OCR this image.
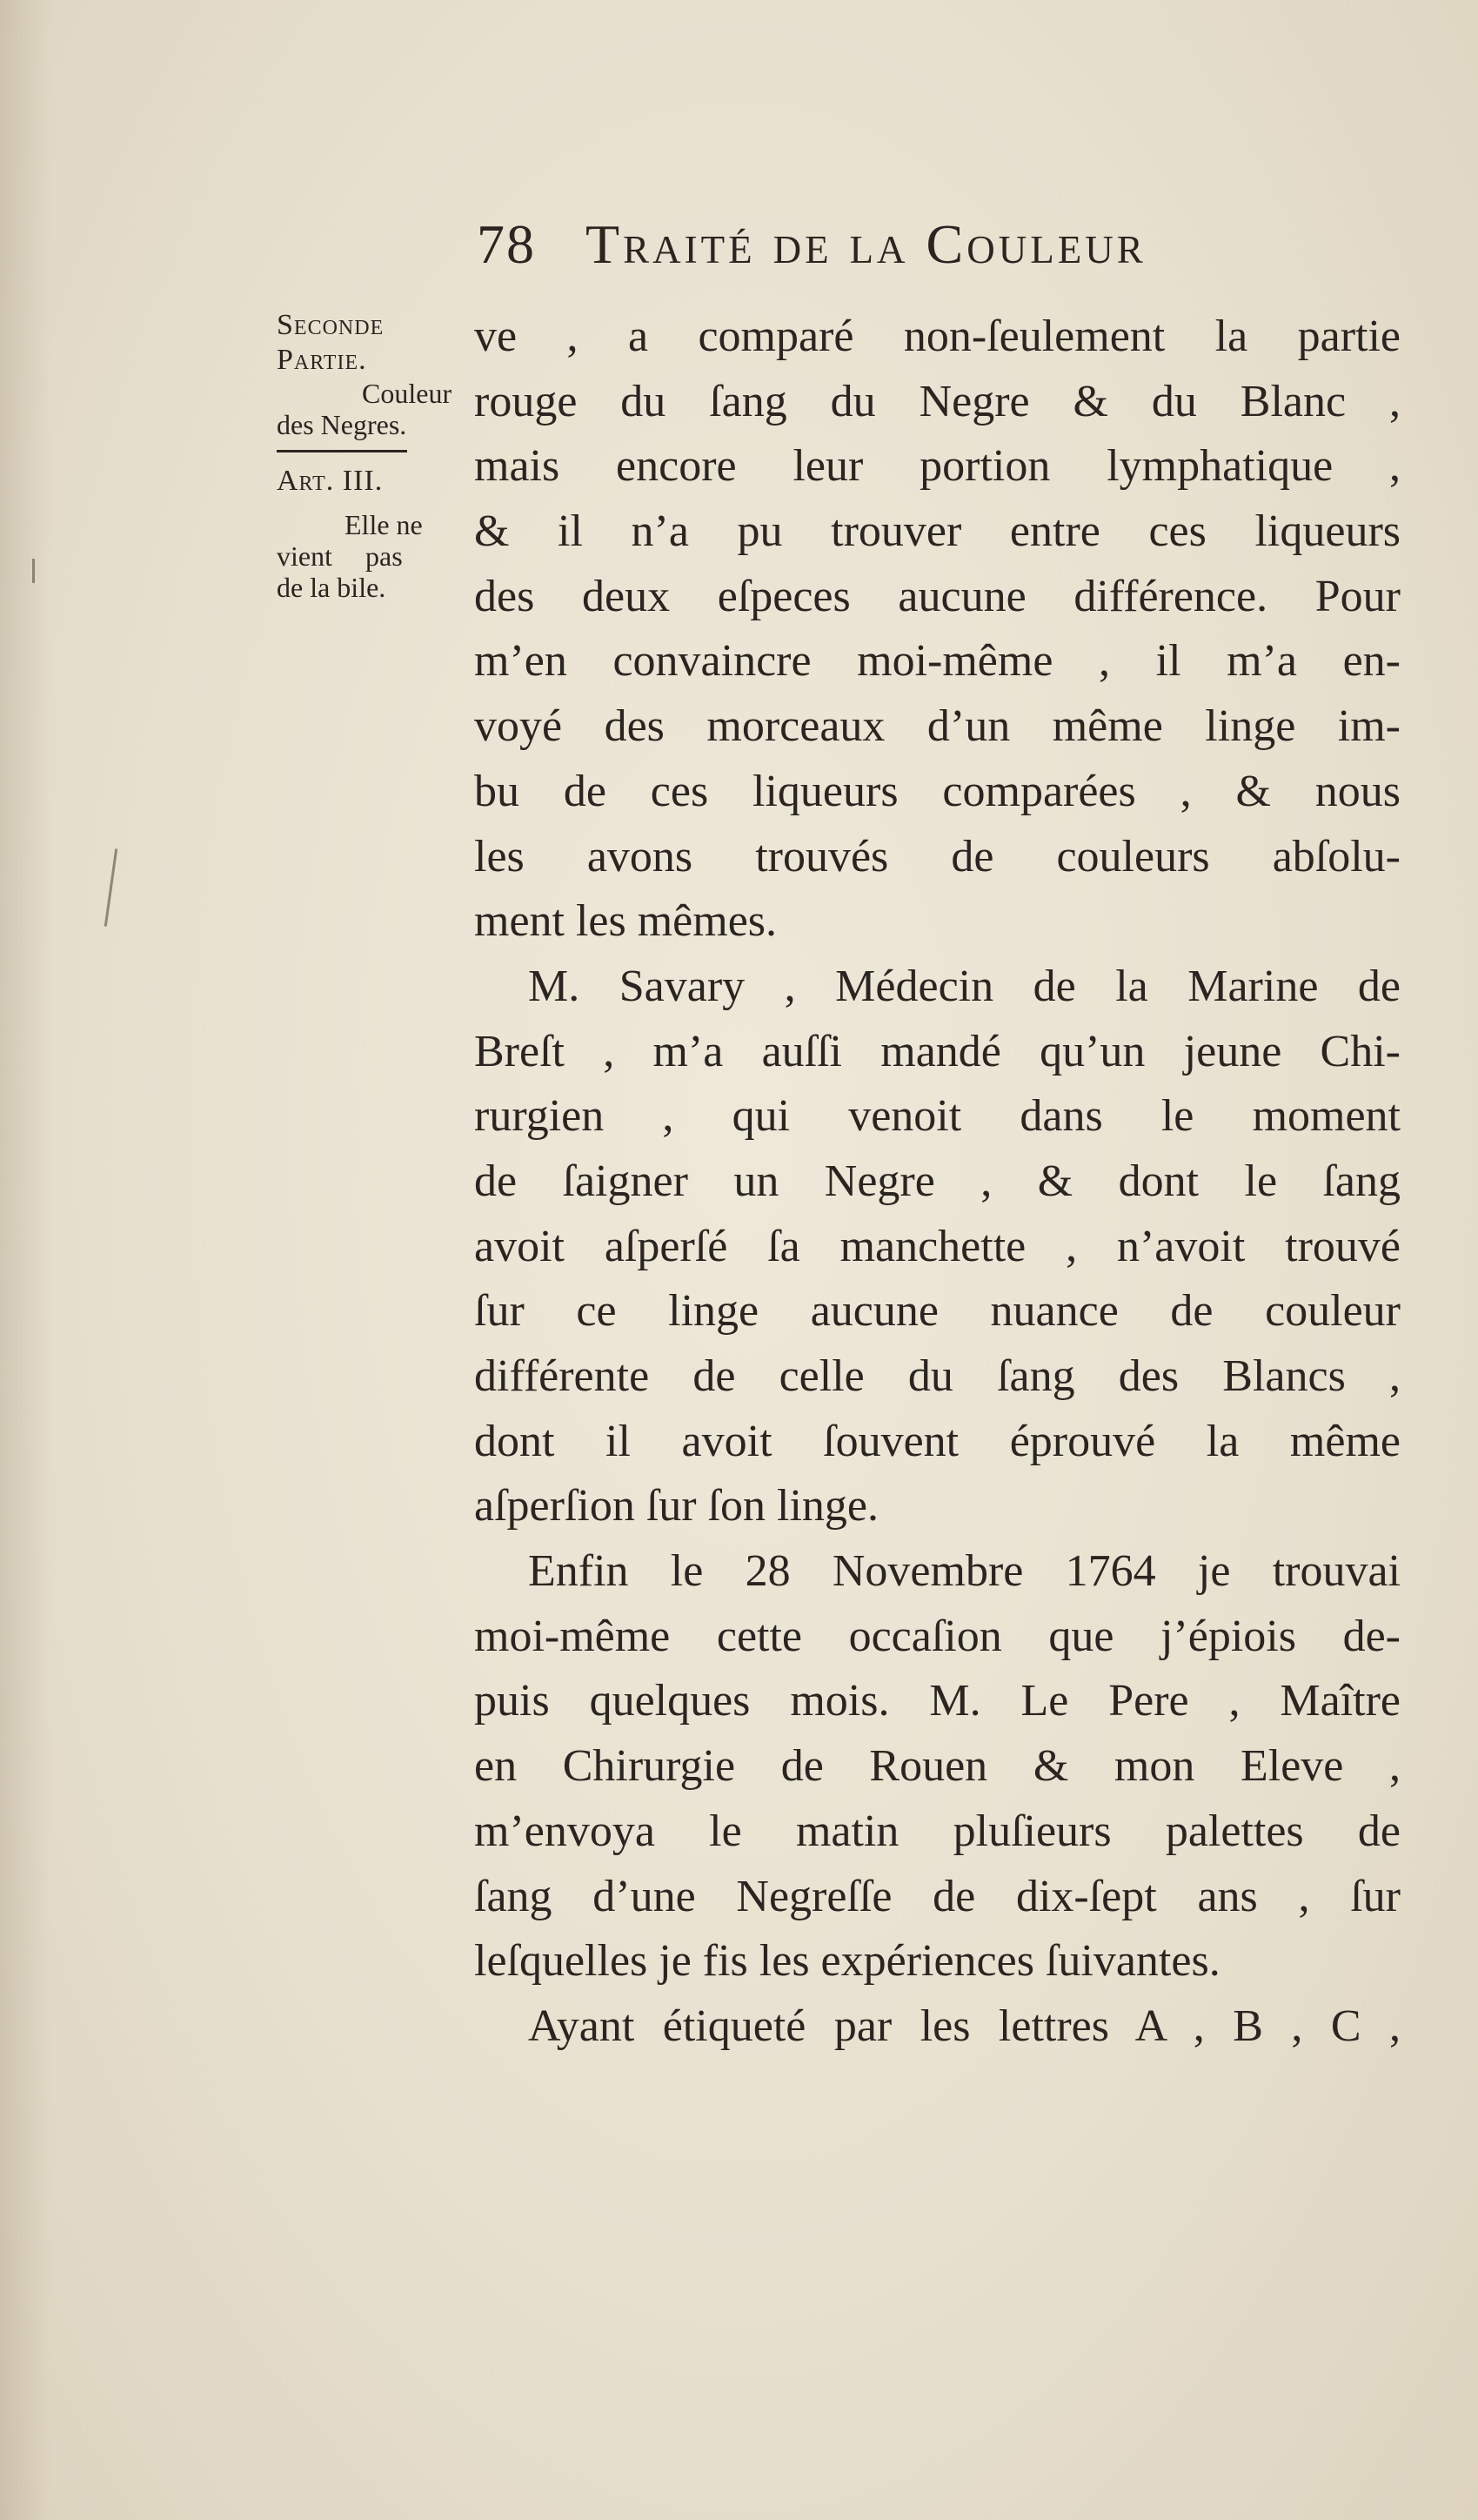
78 Traité de la Couleur
Seconde
Partie.
Couleur
des Negres.
Art. III.
Elle ne
vient pas
de la bile.
ve , a comparé non-ſeulement la partie
rouge du ſang du Negre & du Blanc ,
mais encore leur portion lymphatique ,
& il n’a pu trouver entre ces liqueurs
des deux eſpeces aucune différence. Pour
m’en convaincre moi-même , il m’a en-
voyé des morceaux d’un même linge im-
bu de ces liqueurs comparées , & nous
les avons trouvés de couleurs abſolu-
ment les mêmes.
M. Savary , Médecin de la Marine de
Breſt , m’a auſſi mandé qu’un jeune Chi-
rurgien , qui venoit dans le moment
de ſaigner un Negre , & dont le ſang
avoit aſperſé ſa manchette , n’avoit trouvé
ſur ce linge aucune nuance de couleur
différente de celle du ſang des Blancs ,
dont il avoit ſouvent éprouvé la même
aſperſion ſur ſon linge.
Enfin le 28 Novembre 1764 je trouvai
moi-même cette occaſion que j’épiois de-
puis quelques mois. M. Le Pere , Maître
en Chirurgie de Rouen & mon Eleve ,
m’envoya le matin pluſieurs palettes de
ſang d’une Negreſſe de dix-ſept ans , ſur
leſquelles je fis les expériences ſuivantes.
Ayant étiqueté par les lettres A , B , C ,
